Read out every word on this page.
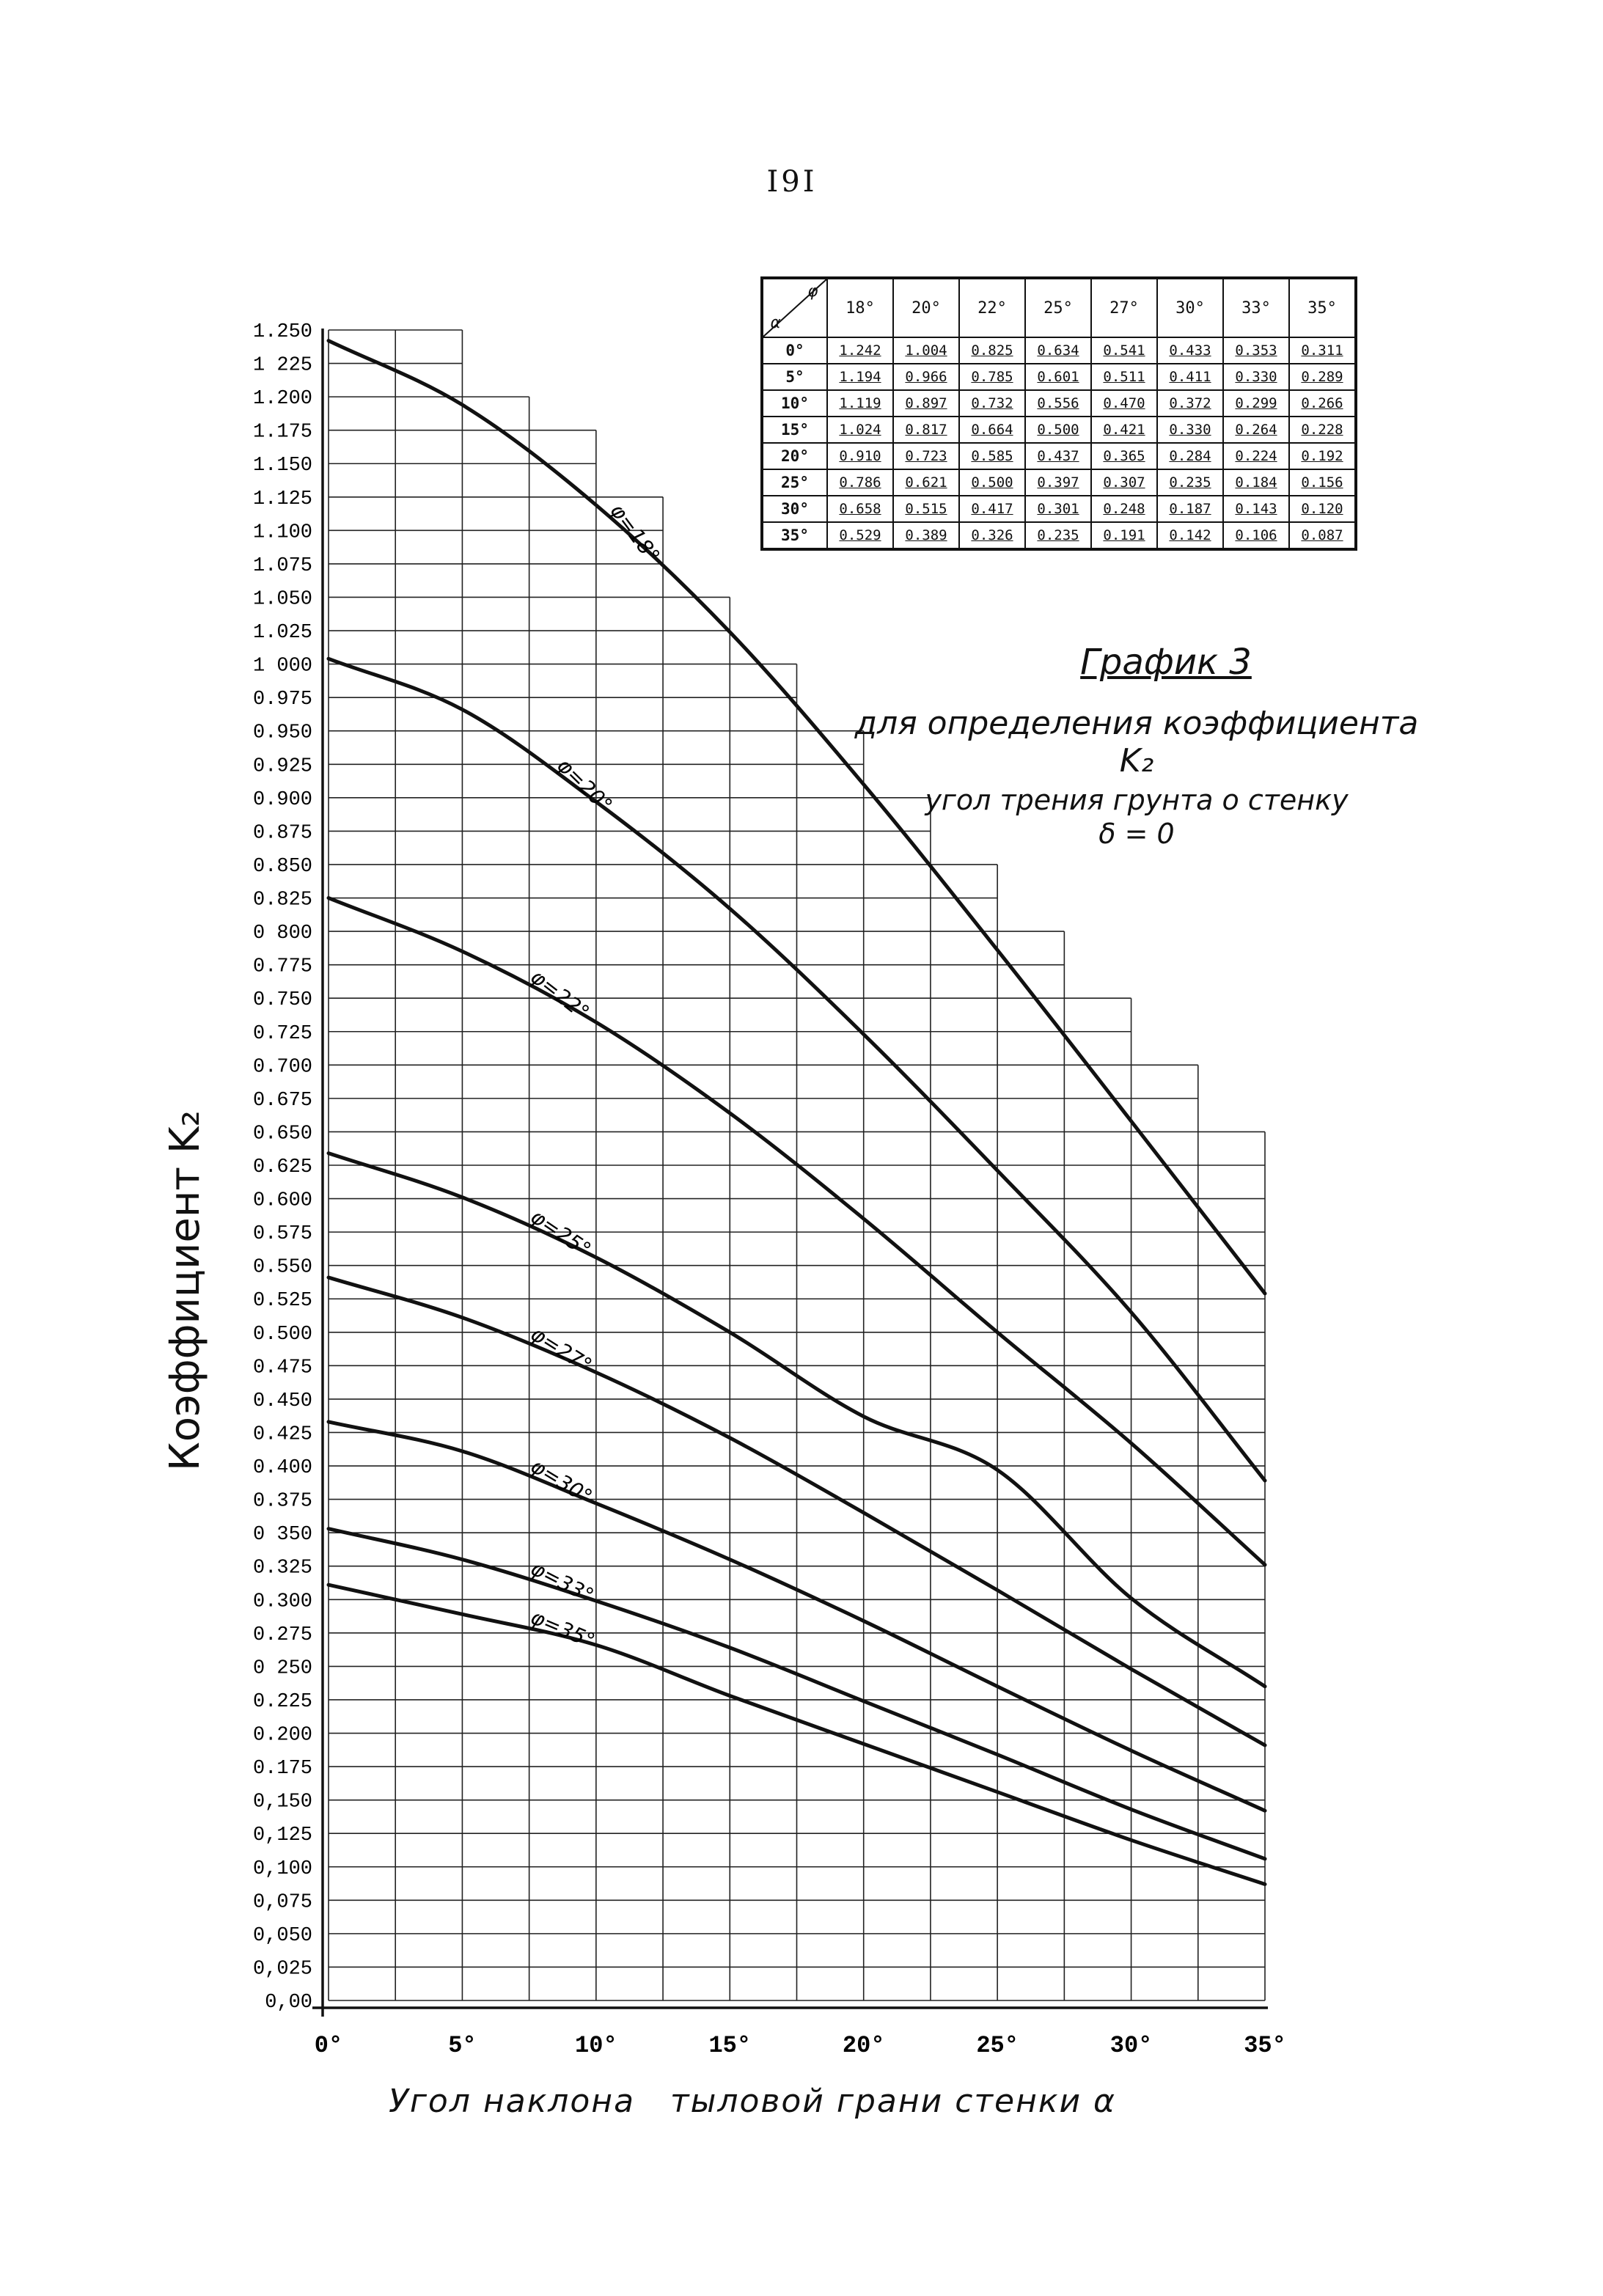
I9I
0,00
0,025
0,050
0,075
0,100
0,125
0,150
0.175
0.200
0.225
0 250
0.275
0.300
0.325
0 350
0.375
0.400
0.425
0.450
0.475
0.500
0.525
0.550
0.575
0.600
0.625
0.650
0.675
0.700
0.725
0.750
0.775
0 800
0.825
0.850
0.875
0.900
0.925
0.950
0.975
1 000
1.025
1.050
1.075
1.100
1.125
1.150
1.175
1.200
1 225
1.250
0°	5°	10°	15°	20°	25°	30°	35°
φ=18°
φ=20°
φ=22°
φ=25°
φ=27°
φ=30°
φ=33°
φ=35°
α
φ	18°	20°	22°	25°	27°	30°	33°	35°
0°	1.242	1.004	0.825	0.634	0.541	0.433	0.353	0.311
5°	1.194	0.966	0.785	0.601	0.511	0.411	0.330	0.289
10°	1.119	0.897	0.732	0.556	0.470	0.372	0.299	0.266
15°	1.024	0.817	0.664	0.500	0.421	0.330	0.264	0.228
20°	0.910	0.723	0.585	0.437	0.365	0.284	0.224	0.192
25°	0.786	0.621	0.500	0.397	0.307	0.235	0.184	0.156
30°	0.658	0.515	0.417	0.301	0.248	0.187	0.143	0.120
35°	0.529	0.389	0.326	0.235	0.191	0.142	0.106	0.087
График 3
для определения коэффициента K₂
угол трения грунта о стенку
δ = 0
Коэффициент K₂
Угол наклона   тыловой грани стенки α
